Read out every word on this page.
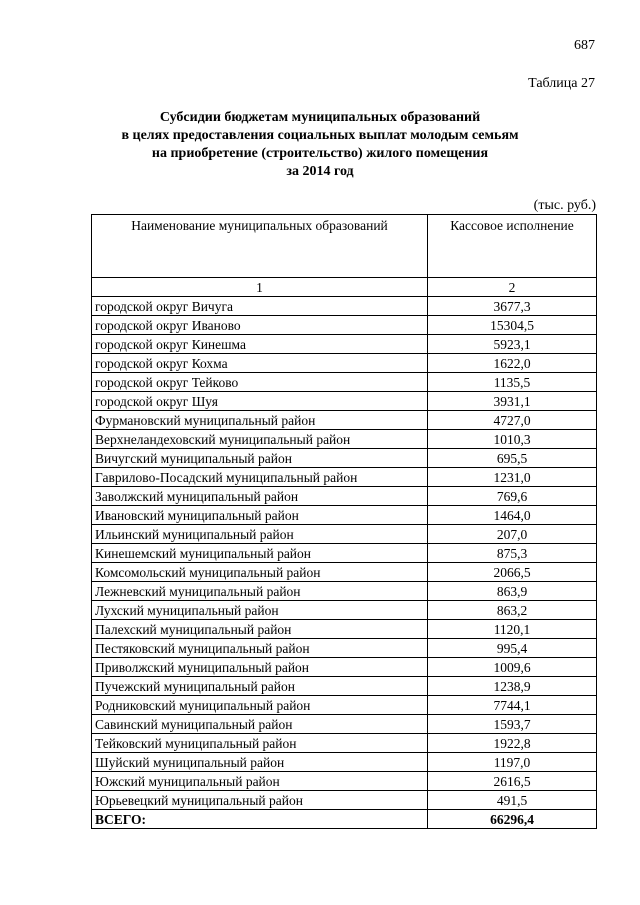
687
Таблица 27
Субсидии бюджетам муниципальных образований
в целях предоставления социальных выплат молодым семьям
на приобретение (строительство) жилого помещения
за 2014 год
(тыс. руб.)
Наименование муниципальных образований	Кассовое исполнение
1	2
городской округ Вичуга	3677,3
городской округ Иваново	15304,5
городской округ Кинешма	5923,1
городской округ Кохма	1622,0
городской округ Тейково	1135,5
городской округ Шуя	3931,1
Фурмановский муниципальный район	4727,0
Верхнеландеховский муниципальный район	1010,3
Вичугский муниципальный район	695,5
Гаврилово-Посадский муниципальный район	1231,0
Заволжский муниципальный район	769,6
Ивановский муниципальный район	1464,0
Ильинский муниципальный район	207,0
Кинешемский муниципальный район	875,3
Комсомольский муниципальный район	2066,5
Лежневский муниципальный район	863,9
Лухский муниципальный район	863,2
Палехский муниципальный район	1120,1
Пестяковский муниципальный район	995,4
Приволжский муниципальный район	1009,6
Пучежский муниципальный район	1238,9
Родниковский муниципальный район	7744,1
Савинский муниципальный район	1593,7
Тейковский муниципальный район	1922,8
Шуйский муниципальный район	1197,0
Южский муниципальный район	2616,5
Юрьевецкий муниципальный район	491,5
ВСЕГО:	66296,4
